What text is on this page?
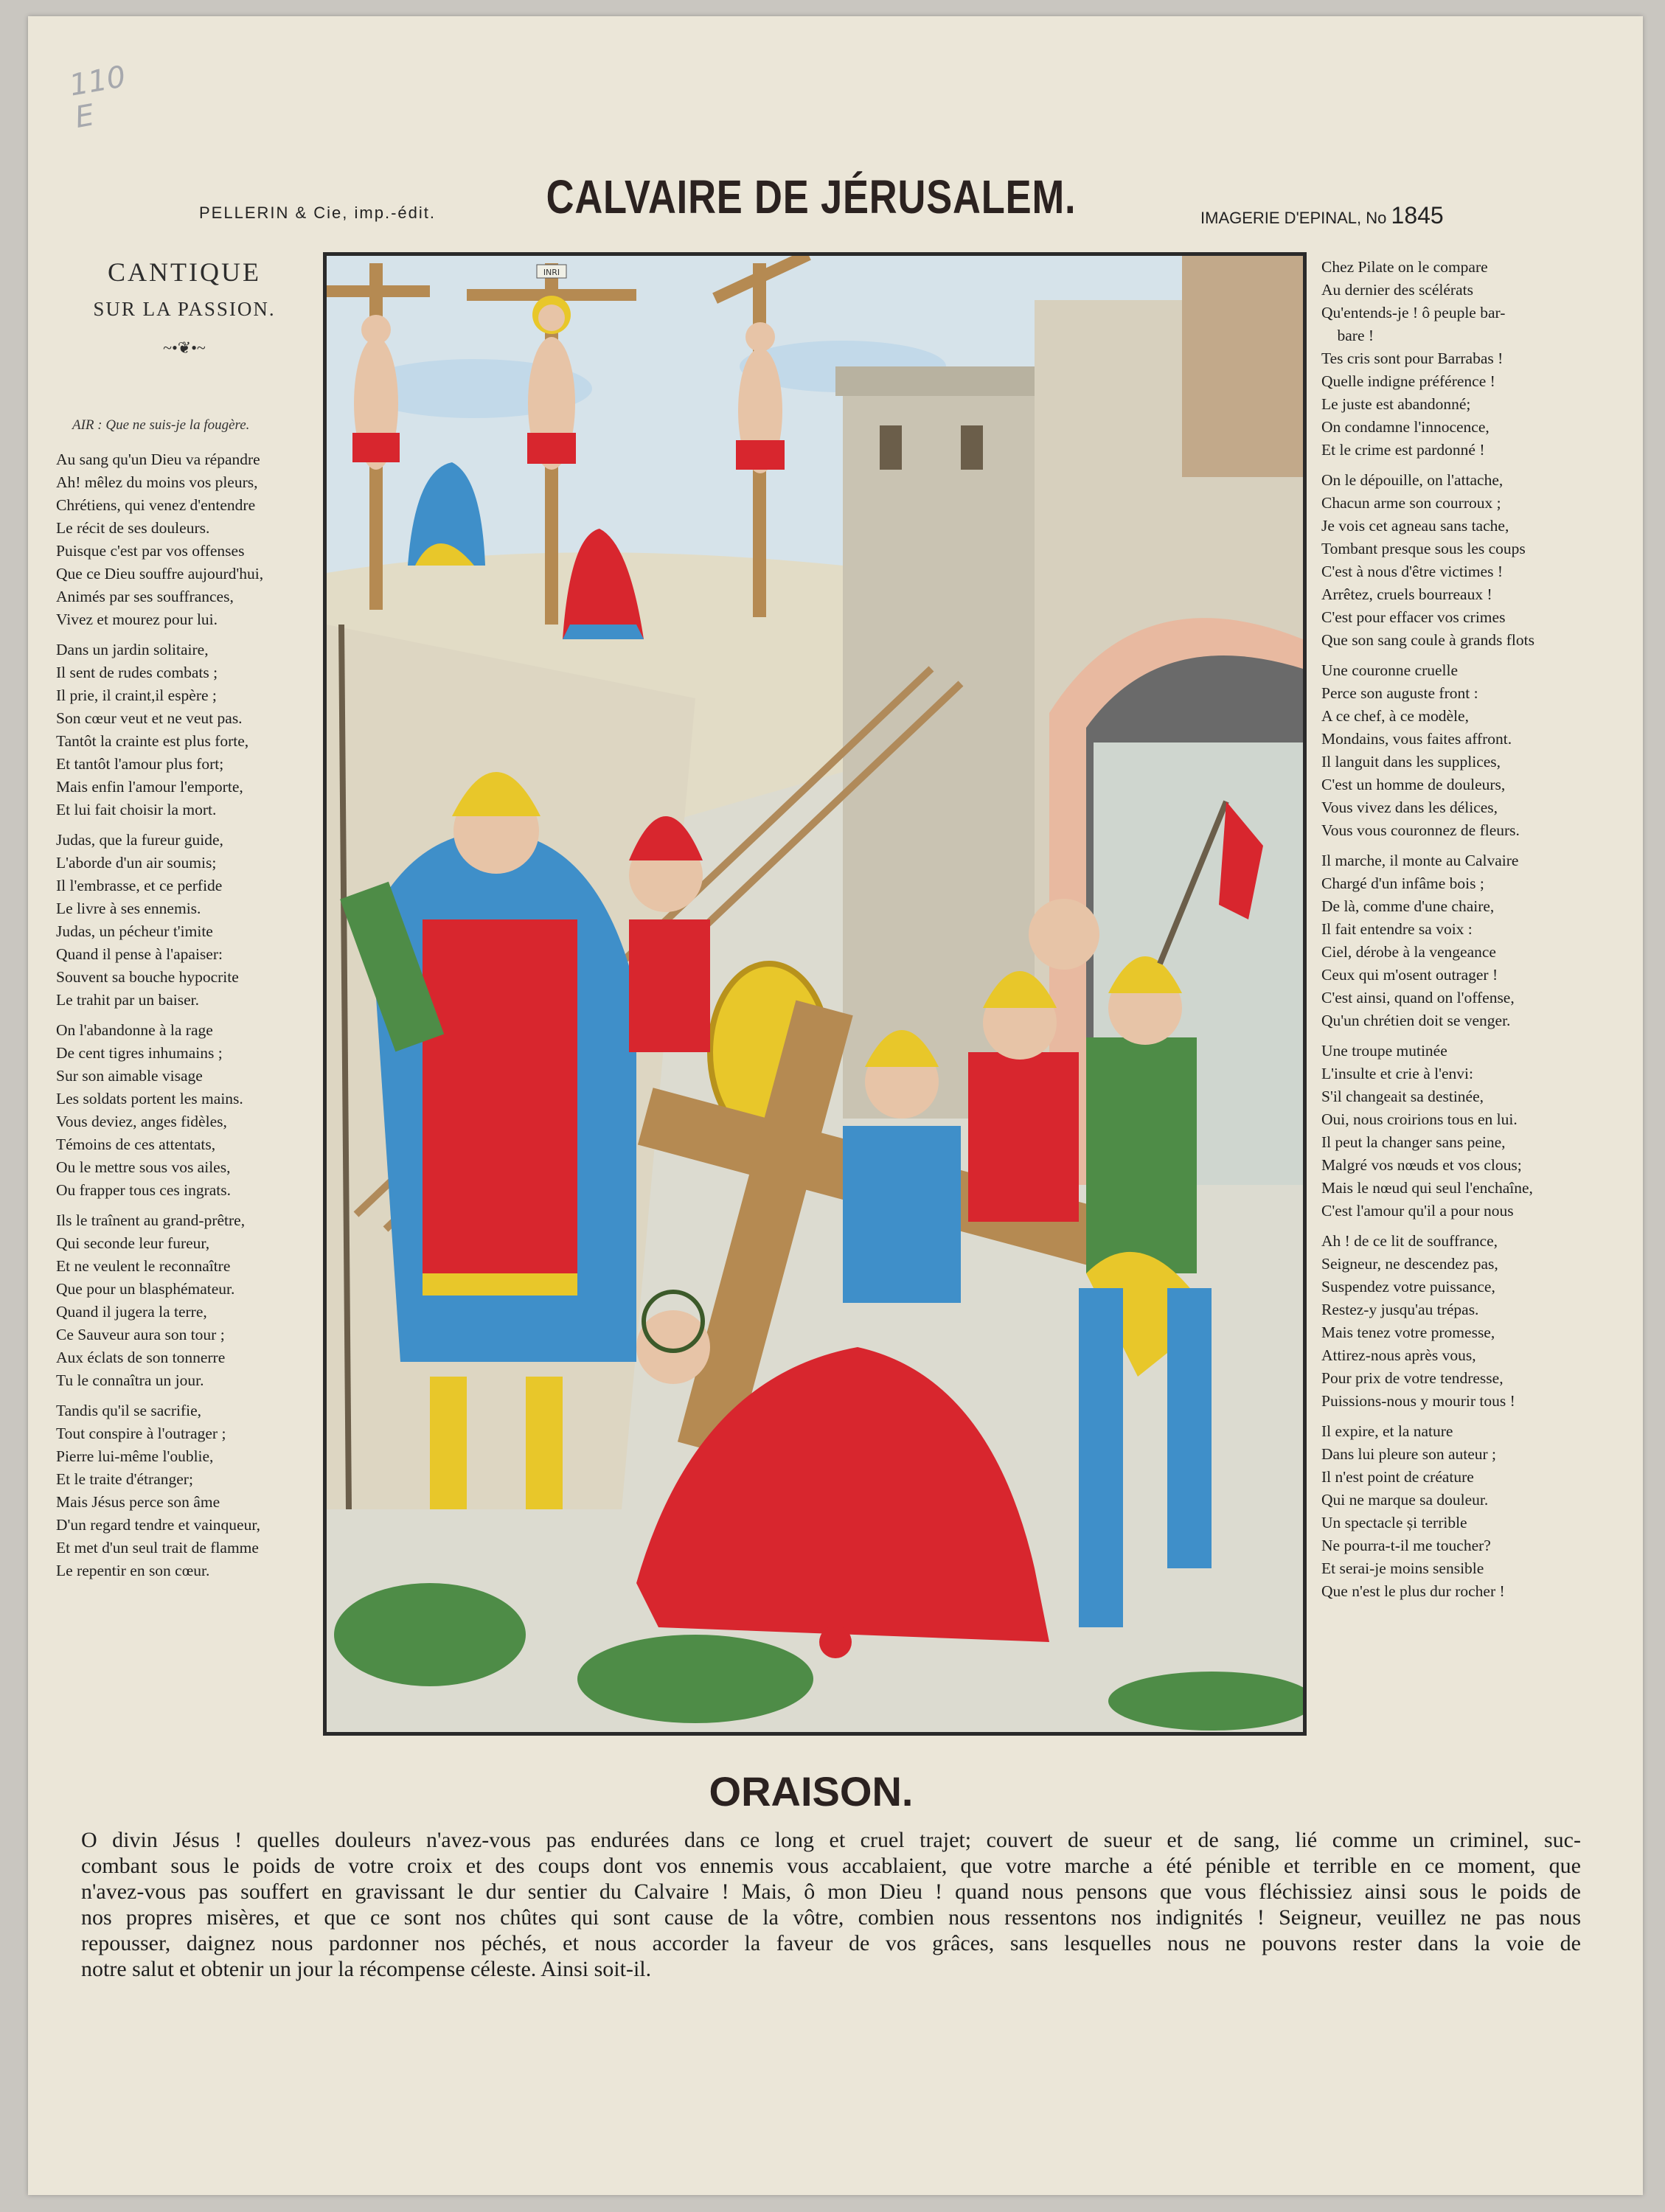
110
E
PELLERIN & Cie, imp.-édit.	CALVAIRE DE JÉRUSALEM.	IMAGERIE D'EPINAL, No 1845
CANTIQUE
SUR LA PASSION.
~•❦•~
AIR : Que ne suis-je la fougère.
Au sang qu'un Dieu va répandre
Ah! mêlez du moins vos pleurs,
Chrétiens, qui venez d'entendre
Le récit de ses douleurs.
Puisque c'est par vos offenses
Que ce Dieu souffre aujourd'hui,
Animés par ses souffrances,
Vivez et mourez pour lui.
Dans un jardin solitaire,
Il sent de rudes combats ;
Il prie, il craint,il espère ;
Son cœur veut et ne veut pas.
Tantôt la crainte est plus forte,
Et tantôt l'amour plus fort;
Mais enfin l'amour l'emporte,
Et lui fait choisir la mort.
Judas, que la fureur guide,
L'aborde d'un air soumis;
Il l'embrasse, et ce perfide
Le livre à ses ennemis.
Judas, un pécheur t'imite
Quand il pense à l'apaiser:
Souvent sa bouche hypocrite
Le trahit par un baiser.
On l'abandonne à la rage
De cent tigres inhumains ;
Sur son aimable visage
Les soldats portent les mains.
Vous deviez, anges fidèles,
Témoins de ces attentats,
Ou le mettre sous vos ailes,
Ou frapper tous ces ingrats.
Ils le traînent au grand-prêtre,
Qui seconde leur fureur,
Et ne veulent le reconnaître
Que pour un blasphémateur.
Quand il jugera la terre,
Ce Sauveur aura son tour ;
Aux éclats de son tonnerre
Tu le connaîtra un jour.
Tandis qu'il se sacrifie,
Tout conspire à l'outrager ;
Pierre lui-même l'oublie,
Et le traite d'étranger;
Mais Jésus perce son âme
D'un regard tendre et vainqueur,
Et met d'un seul trait de flamme
Le repentir en son cœur.
Chez Pilate on le compare
Au dernier des scélérats
Qu'entends-je ! ô peuple bar-
bare !
Tes cris sont pour Barrabas !
Quelle indigne préférence !
Le juste est abandonné;
On condamne l'innocence,
Et le crime est pardonné !
On le dépouille, on l'attache,
Chacun arme son courroux ;
Je vois cet agneau sans tache,
Tombant presque sous les coups
C'est à nous d'être victimes !
Arrêtez, cruels bourreaux !
C'est pour effacer vos crimes
Que son sang coule à grands flots
Une couronne cruelle
Perce son auguste front :
A ce chef, à ce modèle,
Mondains, vous faites affront.
Il languit dans les supplices,
C'est un homme de douleurs,
Vous vivez dans les délices,
Vous vous couronnez de fleurs.
Il marche, il monte au Calvaire
Chargé d'un infâme bois ;
De là, comme d'une chaire,
Il fait entendre sa voix :
Ciel, dérobe à la vengeance
Ceux qui m'osent outrager !
C'est ainsi, quand on l'offense,
Qu'un chrétien doit se venger.
Une troupe mutinée
L'insulte et crie à l'envi:
S'il changeait sa destinée,
Oui, nous croirions tous en lui.
Il peut la changer sans peine,
Malgré vos nœuds et vos clous;
Mais le nœud qui seul l'enchaîne,
C'est l'amour qu'il a pour nous
Ah ! de ce lit de souffrance,
Seigneur, ne descendez pas,
Suspendez votre puissance,
Restez-y jusqu'au trépas.
Mais tenez votre promesse,
Attirez-nous après vous,
Pour prix de votre tendresse,
Puissions-nous y mourir tous !
Il expire, et la nature
Dans lui pleure son auteur ;
Il n'est point de créature
Qui ne marque sa douleur.
Un spectacle și terrible
Ne pourra-t-il me toucher?
Et serai-je moins sensible
Que n'est le plus dur rocher !
INRI
ORAISON.
O divin Jésus ! quelles douleurs n'avez-vous pas endurées dans ce long et cruel trajet; couvert de sueur et de sang, lié comme un criminel, suc-
combant sous le poids de votre croix et des coups dont vos ennemis vous accablaient, que votre marche a été pénible et terrible en ce moment, que
n'avez-vous pas souffert en gravissant le dur sentier du Calvaire ! Mais, ô mon Dieu ! quand nous pensons que vous fléchissiez ainsi sous le poids de
nos propres misères, et que ce sont nos chûtes qui sont cause de la vôtre, combien nous ressentons nos indignités ! Seigneur, veuillez ne pas nous
repousser, daignez nous pardonner nos péchés, et nous accorder la faveur de vos grâces, sans lesquelles nous ne pouvons rester dans la voie de
notre salut et obtenir un jour la récompense céleste. Ainsi soit-il.
